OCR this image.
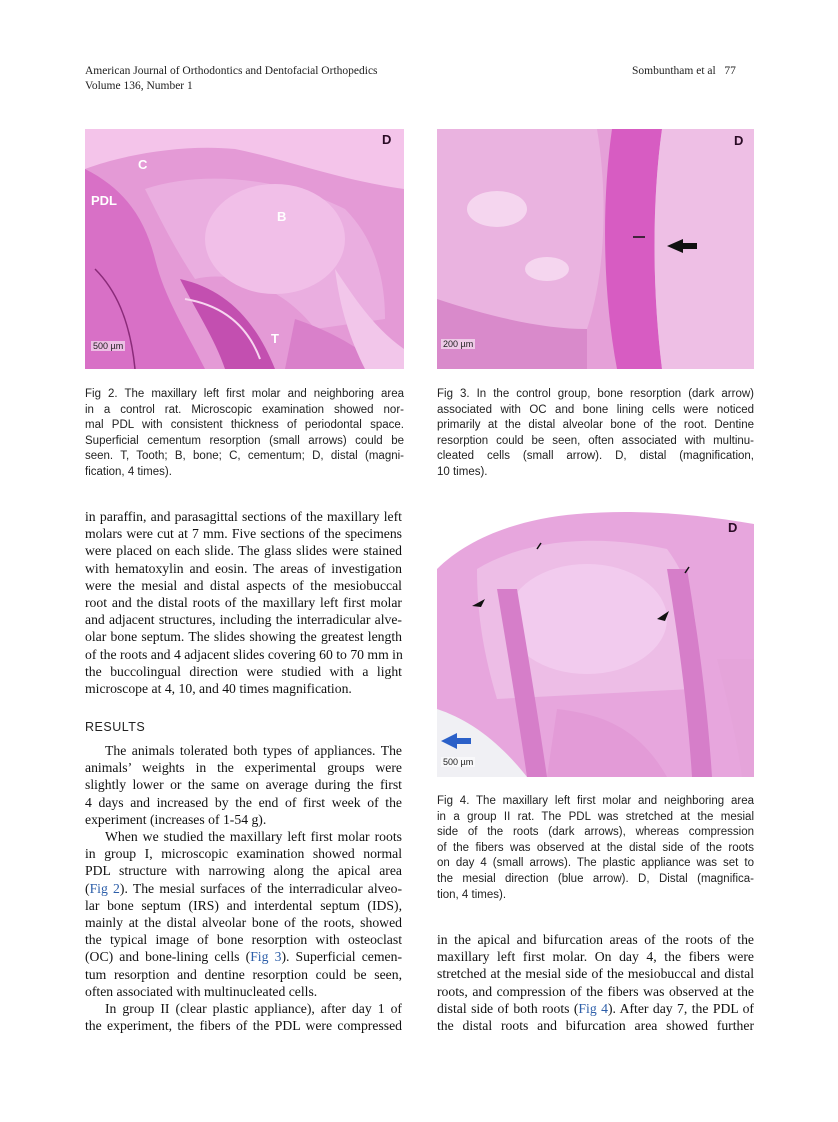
American Journal of Orthodontics and Dentofacial Orthopedics
Volume 136, Number 1
Sombuntham et al 77
C
PDL
B
T
D
500 µm
D
200 µm
Fig 2. The maxillary left first molar and neighboring area
in a control rat. Microscopic examination showed nor-
mal PDL with consistent thickness of periodontal space.
Superficial cementum resorption (small arrows) could be
seen. T, Tooth; B, bone; C, cementum; D, distal (magni-
fication, 4 times).
Fig 3. In the control group, bone resorption (dark arrow)
associated with OC and bone lining cells were noticed
primarily at the distal alveolar bone of the root. Dentine
resorption could be seen, often associated with multinu-
cleated cells (small arrow). D, distal (magnification,
10 times).
in paraffin, and parasagittal sections of the maxillary left
molars were cut at 7 mm. Five sections of the specimens
were placed on each slide. The glass slides were stained
with hematoxylin and eosin. The areas of investigation
were the mesial and distal aspects of the mesiobuccal
root and the distal roots of the maxillary left first molar
and adjacent structures, including the interradicular alve-
olar bone septum. The slides showing the greatest length
of the roots and 4 adjacent slides covering 60 to 70 mm in
the buccolingual direction were studied with a light
microscope at 4, 10, and 40 times magnification.
RESULTS
The animals tolerated both types of appliances. The
animals’ weights in the experimental groups were
slightly lower or the same on average during the first
4 days and increased by the end of first week of the
experiment (increases of 1-54 g).
When we studied the maxillary left first molar roots
in group I, microscopic examination showed normal
PDL structure with narrowing along the apical area
(Fig 2). The mesial surfaces of the interradicular alveo-
lar bone septum (IRS) and interdental septum (IDS),
mainly at the distal alveolar bone of the roots, showed
the typical image of bone resorption with osteoclast
(OC) and bone-lining cells (Fig 3). Superficial cemen-
tum resorption and dentine resorption could be seen,
often associated with multinucleated cells.
In group II (clear plastic appliance), after day 1 of
the experiment, the fibers of the PDL were compressed
D
500 µm
Fig 4. The maxillary left first molar and neighboring area
in a group II rat. The PDL was stretched at the mesial
side of the roots (dark arrows), whereas compression
of the fibers was observed at the distal side of the roots
on day 4 (small arrows). The plastic appliance was set to
the mesial direction (blue arrow). D, Distal (magnifica-
tion, 4 times).
in the apical and bifurcation areas of the roots of the
maxillary left first molar. On day 4, the fibers were
stretched at the mesial side of the mesiobuccal and distal
roots, and compression of the fibers was observed at the
distal side of both roots (Fig 4). After day 7, the PDL of
the distal roots and bifurcation area showed further
